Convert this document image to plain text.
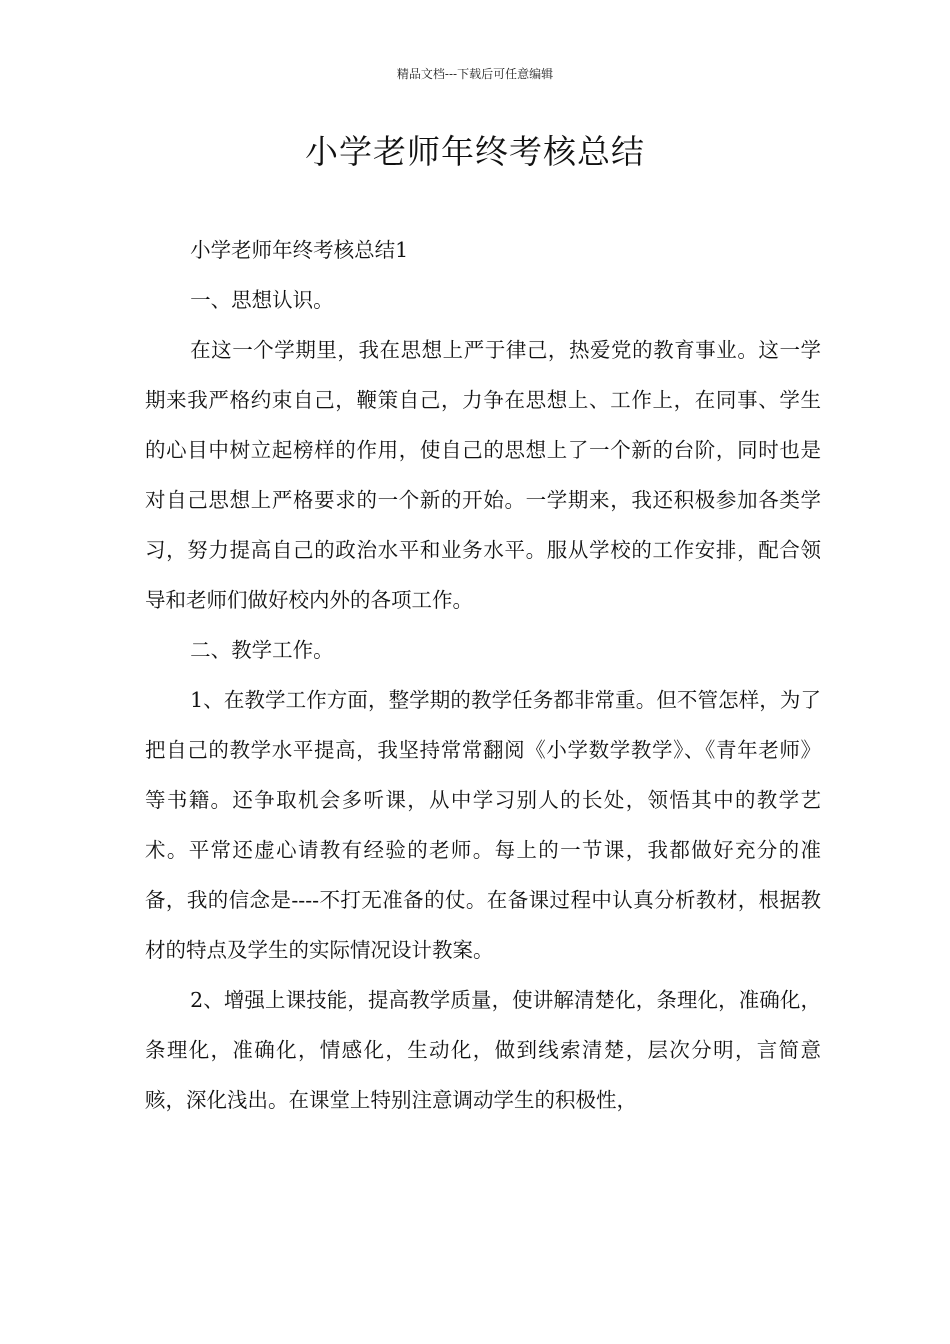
精品文档---下载后可任意编辑
小学老师年终考核总结

小学老师年终考核总结1

一、思想认识。

在这一个学期里，我在思想上严于律己，热爱党的教育事业。这一学期来我严格约束自己，鞭策自己，力争在思想上、工作上，在同事、学生的心目中树立起榜样的作用，使自己的思想上了一个新的台阶，同时也是对自己思想上严格要求的一个新的开始。一学期来，我还积极参加各类学习，努力提高自己的政治水平和业务水平。服从学校的工作安排，配合领导和老师们做好校内外的各项工作。

二、教学工作。

1、在教学工作方面，整学期的教学任务都非常重。但不管怎样，为了把自己的教学水平提高，我坚持常常翻阅《小学数学教学》、《青年老师》等书籍。还争取机会多听课，从中学习别人的长处，领悟其中的教学艺术。平常还虚心请教有经验的老师。每上的一节课，我都做好充分的准备，我的信念是----不打无准备的仗。在备课过程中认真分析教材，根据教材的特点及学生的实际情况设计教案。

2、增强上课技能，提高教学质量，使讲解清楚化，条理化，准确化，条理化，准确化，情感化，生动化，做到线索清楚，层次分明，言简意赅，深化浅出。在课堂上特别注意调动学生的积极性，
